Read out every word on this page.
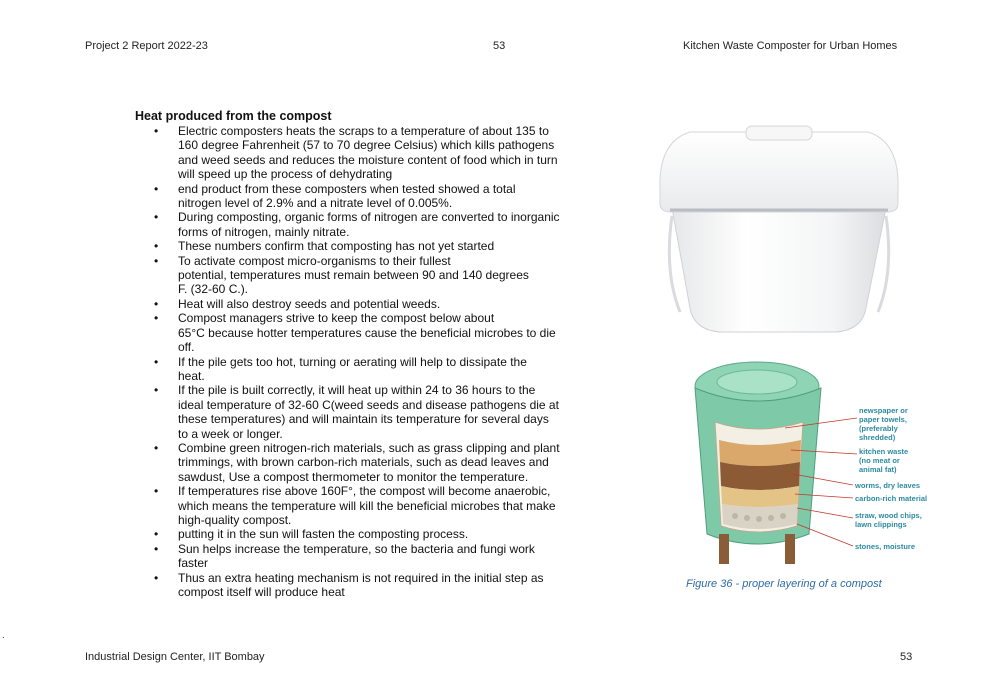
Project 2 Report 2022-23	53	Kitchen Waste Composter for Urban Homes
Heat produced from the compost
• Electric composters heats the scraps to a temperature of about 135 to
160 degree Fahrenheit (57 to 70 degree Celsius) which kills pathogens
and weed seeds and reduces the moisture content of food which in turn
will speed up the process of dehydrating
• end product from these composters when tested showed a total
nitrogen level of 2.9% and a nitrate level of 0.005%.
• During composting, organic forms of nitrogen are converted to inorganic
forms of nitrogen, mainly nitrate.
• These numbers confirm that composting has not yet started
• To activate compost micro-organisms to their fullest
potential, temperatures must remain between 90 and 140 degrees
F. (32-60 C.).
• Heat will also destroy seeds and potential weeds.
• Compost managers strive to keep the compost below about
65°C because hotter temperatures cause the beneficial microbes to die
off.
• If the pile gets too hot, turning or aerating will help to dissipate the
heat.
• If the pile is built correctly, it will heat up within 24 to 36 hours to the
ideal temperature of 32-60 C(weed seeds and disease pathogens die at
these temperatures) and will maintain its temperature for several days
to a week or longer.
• Combine green nitrogen-rich materials, such as grass clipping and plant
trimmings, with brown carbon-rich materials, such as dead leaves and
sawdust, Use a compost thermometer to monitor the temperature.
• If temperatures rise above 160F°, the compost will become anaerobic,
which means the temperature will kill the beneficial microbes that make
high-quality compost.
• putting it in the sun will fasten the composting process.
• Sun helps increase the temperature, so the bacteria and fungi work
faster
• Thus an extra heating mechanism is not required in the initial step as
compost itself will produce heat
newspaper or
paper towels,
(preferably
shredded)
kitchen waste
(no meat or
animal fat)
worms, dry leaves
carbon-rich material
straw, wood chips,
lawn clippings
stones, moisture
Figure 36 - proper layering of a compost
.
Industrial Design Center, IIT Bombay	53
